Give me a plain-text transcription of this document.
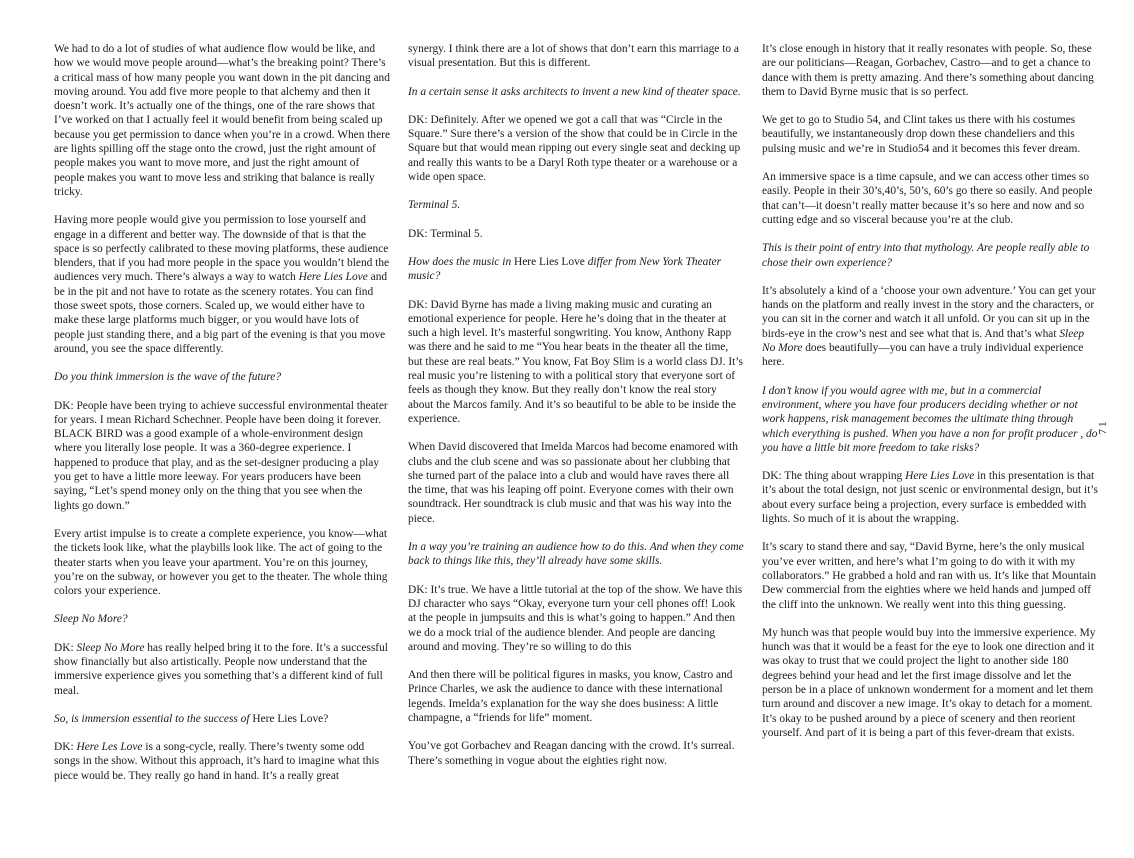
We had to do a lot of studies of what audience flow would be like, and how we would move people around—what’s the breaking point? There’s a critical mass of how many people you want down in the pit dancing and moving around. You add five more people to that alchemy and then it doesn’t work. It’s actually one of the things, one of the rare shows that I’ve worked on that I actually feel it would benefit from being scaled up because you get permission to dance when you’re in a crowd. When there are lights spilling off the stage onto the crowd, just the right amount of people makes you want to move more, and just the right amount of people makes you want to move less and striking that balance is really tricky.

Having more people would give you permission to lose yourself and engage in a different and better way. The downside of that is that the space is so perfectly calibrated to these moving platforms, these audience blenders, that if you had more people in the space you wouldn’t blend the audiences very much. There’s always a way to watch Here Lies Love and be in the pit and not have to rotate as the scenery rotates. You can find those sweet spots, those corners. Scaled up, we would either have to make these large platforms much bigger, or you would have lots of people just standing there, and a big part of the evening is that you move around, you see the space differently.

Do you think immersion is the wave of the future?

DK: People have been trying to achieve successful environmental theater for years. I mean Richard Schechner. People have been doing it forever. BLACK BIRD was a good example of a whole-environment design where you literally lose people. It was a 360-degree experience. I happened to produce that play, and as the set-designer producing a play you get to have a little more leeway. For years producers have been saying, “Let’s spend money only on the thing that you see when the lights go down.”

Every artist impulse is to create a complete experience, you know—what the tickets look like, what the playbills look like. The act of going to the theater starts when you leave your apartment. You’re on this journey, you’re on the subway, or however you get to the theater. The whole thing colors your experience.

Sleep No More?

DK: Sleep No More has really helped bring it to the fore. It’s a successful show financially but also artistically. People now understand that the immersive experience gives you something that’s a different kind of full meal.

So, is immersion essential to the success of Here Lies Love?

DK: Here Les Love is a song-cycle, really. There’s twenty some odd songs in the show. Without this approach, it’s hard to imagine what this piece would be. They really go hand in hand. It’s a really great

synergy. I think there are a lot of shows that don’t earn this marriage to a visual presentation. But this is different.

In a certain sense it asks architects to invent a new kind of theater space.

DK: Definitely. After we opened we got a call that was “Circle in the Square.” Sure there’s a version of the show that could be in Circle in the Square but that would mean ripping out every single seat and decking up and really this wants to be a Daryl Roth type theater or a warehouse or a wide open space.

Terminal 5.

DK: Terminal 5.

How does the music in Here Lies Love differ from New York Theater music?

DK: David Byrne has made a living making music and curating an emotional experience for people. Here he’s doing that in the theater at such a high level. It’s masterful songwriting. You know, Anthony Rapp was there and he said to me “You hear beats in the theater all the time, but these are real beats.” You know, Fat Boy Slim is a world class DJ. It’s real music you’re listening to with a political story that everyone sort of feels as though they know. But they really don’t know the real story about the Marcos family. And it’s so beautiful to be able to be inside the experience.

When David discovered that Imelda Marcos had become enamored with clubs and the club scene and was so passionate about her clubbing that she turned part of the palace into a club and would have raves there all the time, that was his leaping off point. Everyone comes with their own soundtrack. Her soundtrack is club music and that was his way into the piece.

In a way you’re training an audience how to do this. And when they come back to things like this, they’ll already have some skills.

DK: It’s true. We have a little tutorial at the top of the show. We have this DJ character who says “Okay, everyone turn your cell phones off! Look at the people in jumpsuits and this is what’s going to happen.” And then we do a mock trial of the audience blender. And people are dancing around and moving. They’re so willing to do this

And then there will be political figures in masks, you know, Castro and Prince Charles, we ask the audience to dance with these international legends. Imelda’s explanation for the way she does business: A little champagne, a “friends for life” moment.

You’ve got Gorbachev and Reagan dancing with the crowd. It’s surreal. There’s something in vogue about the eighties right now.

It’s close enough in history that it really resonates with people. So, these are our politicians—Reagan, Gorbachev, Castro—and to get a chance to dance with them is pretty amazing. And there’s something about dancing them to David Byrne music that is so perfect.

We get to go to Studio 54, and Clint takes us there with his costumes beautifully, we instantaneously drop down these chandeliers and this pulsing music and we’re in Studio54 and it becomes this fever dream.

An immersive space is a time capsule, and we can access other times so easily. People in their 30’s,40’s, 50’s, 60’s go there so easily. And people that can’t—it doesn’t really matter because it’s so here and now and so cutting edge and so visceral because you’re at the club.

This is their point of entry into that mythology. Are people really able to chose their own experience?

It’s absolutely a kind of a ‘choose your own adventure.’ You can get your hands on the platform and really invest in the story and the characters, or you can sit in the corner and watch it all unfold. Or you can sit up in the birds-eye in the crow’s nest and see what that is. And that’s what Sleep No More does beautifully—you can have a truly individual experience here.

I don’t know if you would agree with me, but in a commercial environment, where you have four producers deciding whether or not work happens, risk management becomes the ultimate thing through which everything is pushed. When you have a non for profit producer , do you have a little bit more freedom to take risks?

DK: The thing about wrapping Here Lies Love in this presentation is that it’s about the total design, not just scenic or environmental design, but it’s about every surface being a projection, every surface is embedded with lights. So much of it is about the wrapping.

It’s scary to stand there and say, “David Byrne, here’s the only musical you’ve ever written, and here’s what I’m going to do with it with my collaborators.” He grabbed a hold and ran with us. It’s like that Mountain Dew commercial from the eighties where we held hands and jumped off the cliff into the unknown. We really went into this thing guessing.

My hunch was that people would buy into the immersive experience. My hunch was that it would be a feast for the eye to look one direction and it was okay to trust that we could project the light to another side 180 degrees behind your head and let the first image dissolve and let the person be in a place of unknown wonderment for a moment and let them turn around and discover a new image. It’s okay to detach for a moment. It’s okay to be pushed around by a piece of scenery and then reorient yourself. And part of it is being a part of this fever-dream that exists.

71
